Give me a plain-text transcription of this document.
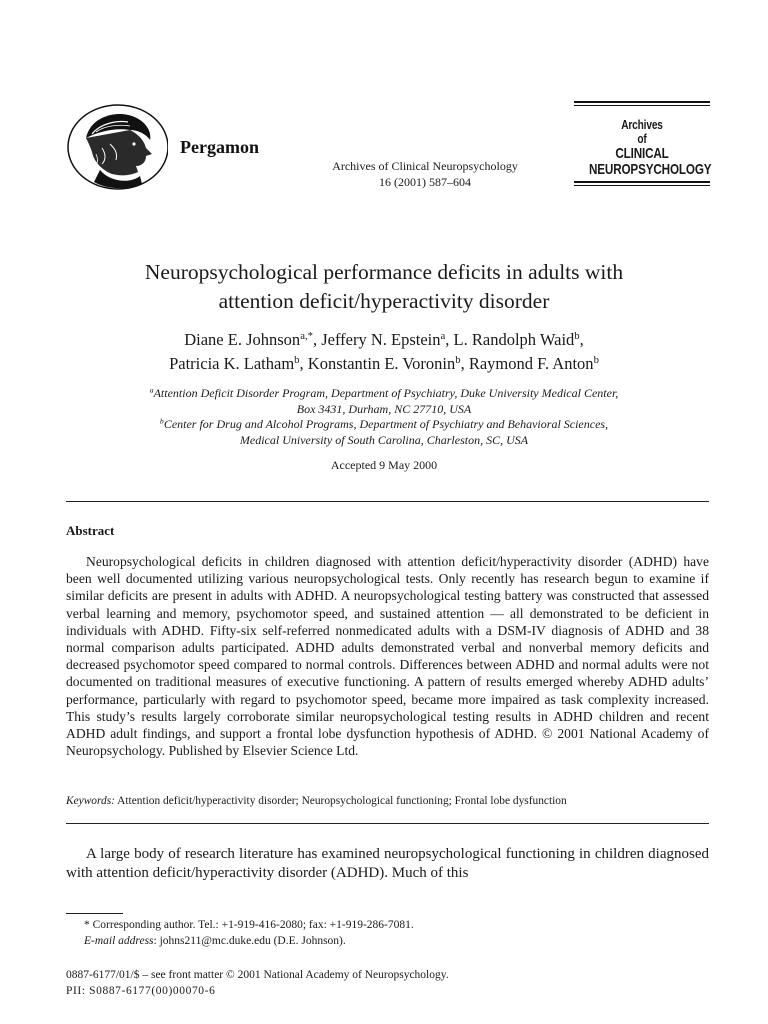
Pergamon
Archives of Clinical Neuropsychology
16 (2001) 587–604
Archives
of
CLINICAL
NEUROPSYCHOLOGY
Neuropsychological performance deficits in adults with
attention deficit/hyperactivity disorder
Diane E. Johnson$^{a,*}$, Jeffery N. Epstein$^a$, L. Randolph Waid$^b$,
Patricia K. Latham$^b$, Konstantin E. Voronin$^b$, Raymond F. Anton$^b$
$^a$Attention Deficit Disorder Program, Department of Psychiatry, Duke University Medical Center,
Box 3431, Durham, NC 27710, USA
$^b$Center for Drug and Alcohol Programs, Department of Psychiatry and Behavioral Sciences,
Medical University of South Carolina, Charleston, SC, USA
Accepted 9 May 2000
Abstract
Neuropsychological deficits in children diagnosed with attention deficit/hyperactivity disorder (ADHD) have been well documented utilizing various neuropsychological tests. Only recently has research begun to examine if similar deficits are present in adults with ADHD. A neuropsychological testing battery was constructed that assessed verbal learning and memory, psychomotor speed, and sustained attention — all demonstrated to be deficient in individuals with ADHD. Fifty-six self-referred nonmedicated adults with a DSM-IV diagnosis of ADHD and 38 normal comparison adults participated. ADHD adults demonstrated verbal and nonverbal memory deficits and decreased psychomotor speed compared to normal controls. Differences between ADHD and normal adults were not documented on traditional measures of executive functioning. A pattern of results emerged whereby ADHD adults’ performance, particularly with regard to psychomotor speed, became more impaired as task complexity increased. This study’s results largely corroborate similar neuropsychological testing results in ADHD children and recent ADHD adult findings, and support a frontal lobe dysfunction hypothesis of ADHD. © 2001 National Academy of Neuropsychology. Published by Elsevier Science Ltd.
Keywords: Attention deficit/hyperactivity disorder; Neuropsychological functioning; Frontal lobe dysfunction
A large body of research literature has examined neuropsychological functioning in children diagnosed with attention deficit/hyperactivity disorder (ADHD). Much of this
* Corresponding author. Tel.: +1-919-416-2080; fax: +1-919-286-7081.
E-mail address: johns211@mc.duke.edu (D.E. Johnson).
0887-6177/01/$ – see front matter © 2001 National Academy of Neuropsychology.
PII: S0887-6177(00)00070-6
